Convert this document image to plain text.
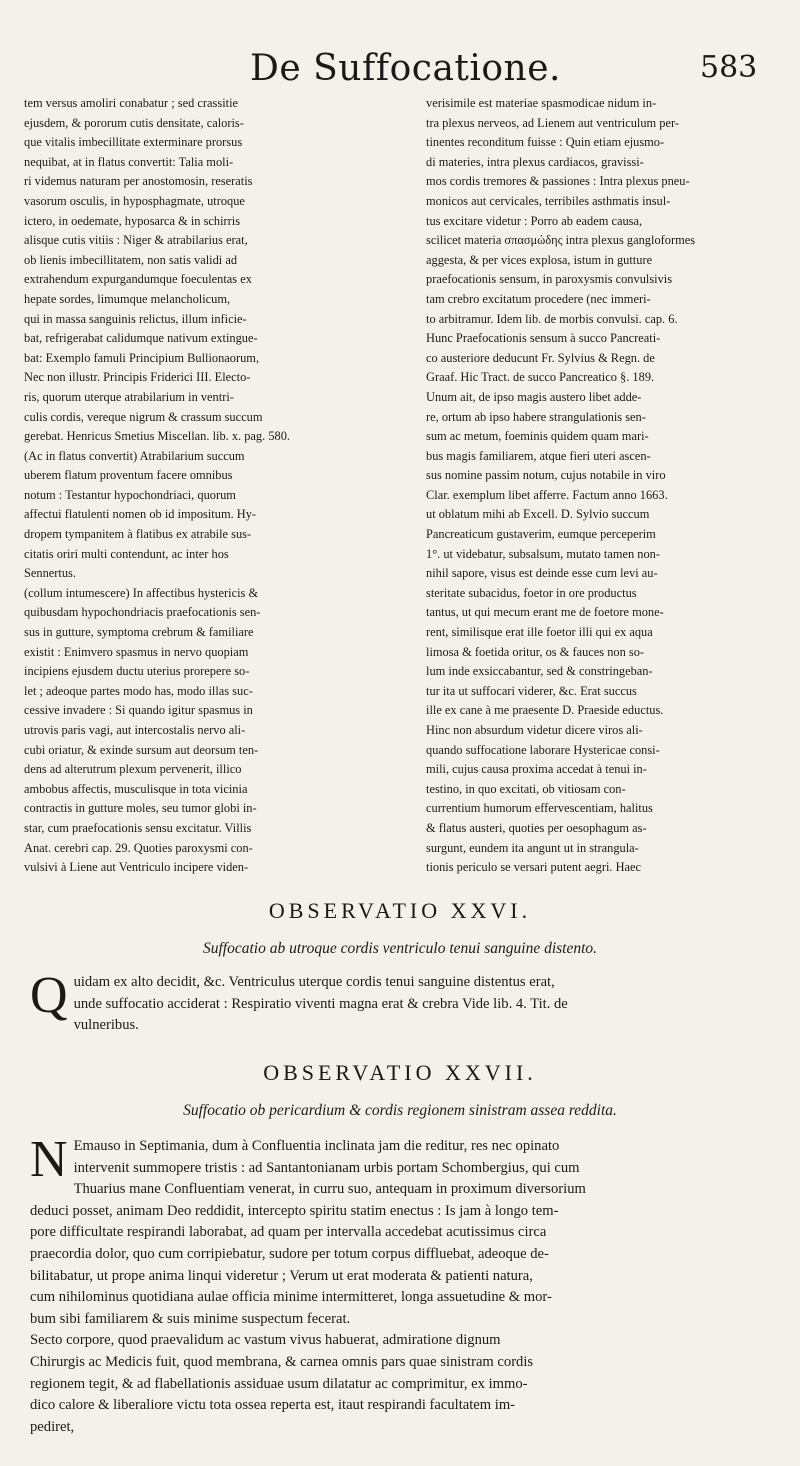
De Suffocatione.	583
tem versus amoliri conabatur ; sed crassitie
ejusdem, & pororum cutis densitate, caloris-
que vitalis imbecillitate exterminare prorsus
nequibat, at in flatus convertit: Talia moli-
ri videmus naturam per anostomosin, reseratis
vasorum osculis, in hyposphagmate, utroque
ictero, in oedemate, hyposarca & in schirris
alisque cutis vitiis : Niger & atrabilarius erat,
ob lienis imbecillitatem, non satis validi ad
extrahendum expurgandumque foeculentas ex
hepate sordes, limumque melancholicum,
qui in massa sanguinis relictus, illum inficie-
bat, refrigerabat calidumque nativum extingue-
bat: Exemplo famuli Principium Bullionaorum,
Nec non illustr. Principis Friderici III. Electo-
ris, quorum uterque atrabilarium in ventri-
culis cordis, vereque nigrum & crassum succum
gerebat. Henricus Smetius Miscellan. lib. x. pag. 580.
(Ac in flatus convertit) Atrabilarium succum
uberem flatum proventum facere omnibus
notum : Testantur hypochondriaci, quorum
affectui flatulenti nomen ob id impositum. Hy-
dropem tympanitem à flatibus ex atrabile sus-
citatis oriri multi contendunt, ac inter hos
Sennertus.
(collum intumescere) In affectibus hystericis &
quibusdam hypochondriacis praefocationis sen-
sus in gutture, symptoma crebrum & familiare
existit : Enimvero spasmus in nervo quopiam
incipiens ejusdem ductu uterius prorepere so-
let ; adeoque partes modo has, modo illas suc-
cessive invadere : Si quando igitur spasmus in
utrovis paris vagi, aut intercostalis nervo ali-
cubi oriatur, & exinde sursum aut deorsum ten-
dens ad alterutrum plexum pervenerit, illico
ambobus affectis, musculisque in tota vicinia
contractis in gutture moles, seu tumor globi in-
star, cum praefocationis sensu excitatur. Villis
Anat. cerebri cap. 29. Quoties paroxysmi con-
vulsivi à Liene aut Ventriculo incipere viden-
verisimile est materiae spasmodicae nidum in-
tra plexus nerveos, ad Lienem aut ventriculum per-
tinentes reconditum fuisse : Quin etiam ejusmo-
di materies, intra plexus cardiacos, gravissi-
mos cordis tremores & passiones : Intra plexus pneu-
monicos aut cervicales, terribiles asthmatis insul-
tus excitare videtur : Porro ab eadem causa,
scilicet materia σπασμώδης intra plexus gangloformes
aggesta, & per vices explosa, istum in gutture
praefocationis sensum, in paroxysmis convulsivis
tam crebro excitatum procedere (nec immeri-
to arbitramur. Idem lib. de morbis convulsi. cap. 6.
Hunc Praefocationis sensum à succo Pancreati-
co austeriore deducunt Fr. Sylvius & Regn. de
Graaf. Hic Tract. de succo Pancreatico §. 189.
Unum ait, de ipso magis austero libet adde-
re, ortum ab ipso habere strangulationis sen-
sum ac metum, foeminis quidem quam mari-
bus magis familiarem, atque fieri uteri ascen-
sus nomine passim notum, cujus notabile in viro
Clar. exemplum libet afferre. Factum anno 1663.
ut oblatum mihi ab Excell. D. Sylvio succum
Pancreaticum gustaverim, eumque perceperim
1°. ut videbatur, subsalsum, mutato tamen non-
nihil sapore, visus est deinde esse cum levi au-
steritate subacidus, foetor in ore productus
tantus, ut qui mecum erant me de foetore mone-
rent, similisque erat ille foetor illi qui ex aqua
limosa & foetida oritur, os & fauces non so-
lum inde exsiccabantur, sed & constringeban-
tur ita ut suffocari viderer, &c. Erat succus
ille ex cane à me praesente D. Praeside eductus.
Hinc non absurdum videtur dicere viros ali-
quando suffocatione laborare Hystericae consi-
mili, cujus causa proxima accedat à tenui in-
testino, in quo excitati, ob vitiosam con-
currentium humorum effervescentiam, halitus
& flatus austeri, quoties per oesophagum as-
surgunt, eundem ita angunt ut in strangula-
tionis periculo se versari putent aegri. Haec
OBSERVATIO XXVI.
Suffocatio ab utroque cordis ventriculo tenui sanguine distento.
Q uidam ex alto decidit, &c. Ventriculus uterque cordis tenui sanguine distentus erat,
unde suffocatio acciderat : Respiratio viventi magna erat & crebra Vide lib. 4. Tit. de
vulneribus.
OBSERVATIO XXVII.
Suffocatio ob pericardium & cordis regionem sinistram assea reddita.
N Emauso in Septimania, dum à Confluentia inclinata jam die reditur, res nec opinato
intervenit summopere tristis : ad Santantonianam urbis portam Schombergius, qui cum
Thuarius mane Confluentiam venerat, in curru suo, antequam in proximum diversorium
deduci posset, animam Deo reddidit, intercepto spiritu statim enectus : Is jam à longo tem-
pore difficultate respirandi laborabat, ad quam per intervalla accedebat acutissimus circa
praecordia dolor, quo cum corripiebatur, sudore per totum corpus diffluebat, adeoque de-
bilitabatur, ut prope anima linqui videretur ; Verum ut erat moderata & patienti natura,
cum nihilominus quotidiana aulae officia minime intermitteret, longa assuetudine & mor-
bum sibi familiarem & suis minime suspectum fecerat.
Secto corpore, quod praevalidum ac vastum vivus habuerat, admiratione dignum
Chirurgis ac Medicis fuit, quod membrana, & carnea omnis pars quae sinistram cordis
regionem tegit, & ad flabellationis assiduae usum dilatatur ac comprimitur, ex immo-
dico calore & liberaliore victu tota ossea reperta est, itaut respirandi facultatem im-
pediret,
